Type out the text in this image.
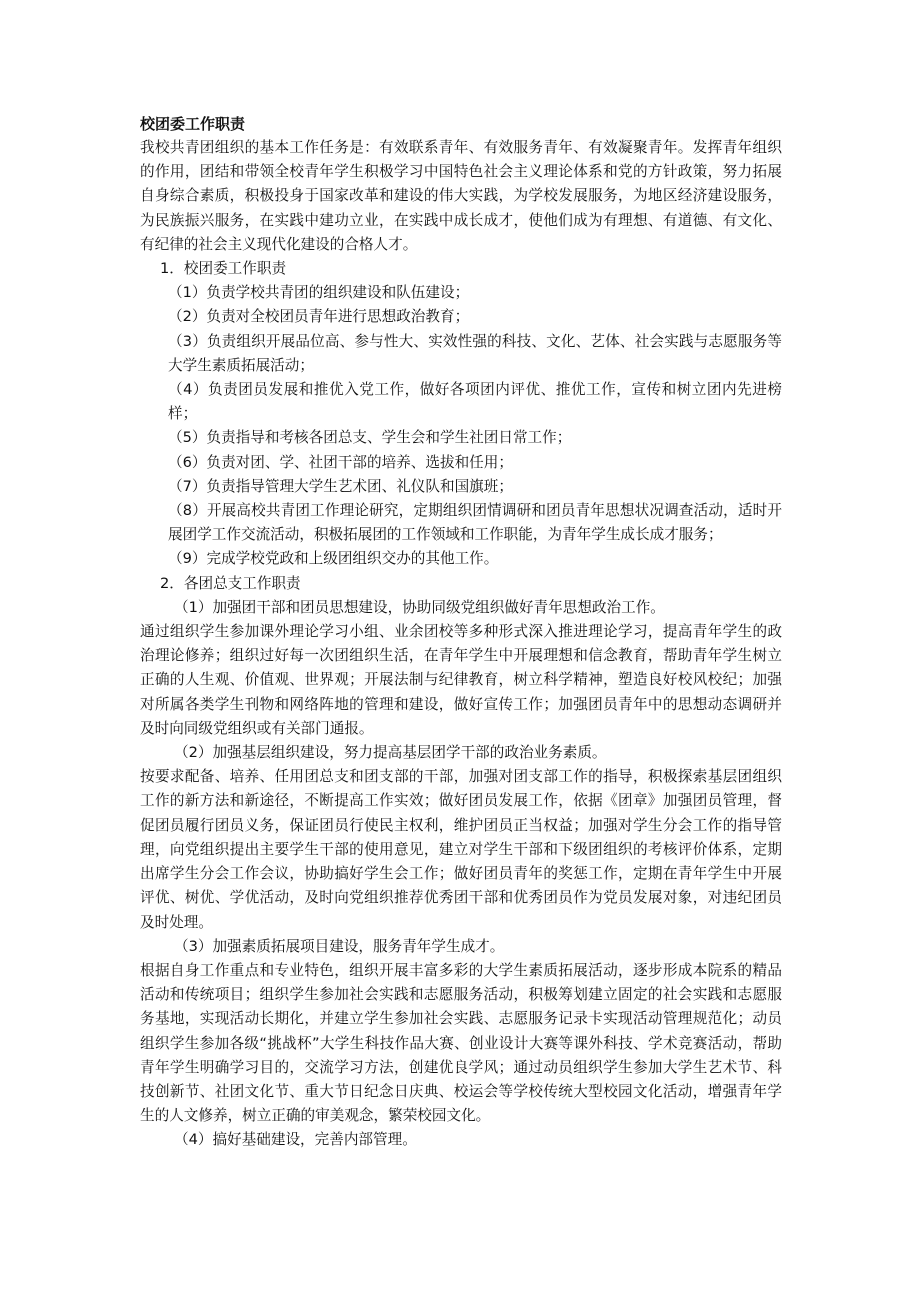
校团委工作职责

我校共青团组织的基本工作任务是：有效联系青年、有效服务青年、有效凝聚青年。发挥青年组织的作用，团结和带领全校青年学生积极学习中国特色社会主义理论体系和党的方针政策，努力拓展自身综合素质，积极投身于国家改革和建设的伟大实践，为学校发展服务，为地区经济建设服务，为民族振兴服务，在实践中建功立业，在实践中成长成才，使他们成为有理想、有道德、有文化、有纪律的社会主义现代化建设的合格人才。

1．校团委工作职责

（1）负责学校共青团的组织建设和队伍建设；

（2）负责对全校团员青年进行思想政治教育；

（3）负责组织开展品位高、参与性大、实效性强的科技、文化、艺体、社会实践与志愿服务等大学生素质拓展活动；

（4）负责团员发展和推优入党工作，做好各项团内评优、推优工作，宣传和树立团内先进榜样；

（5）负责指导和考核各团总支、学生会和学生社团日常工作；

（6）负责对团、学、社团干部的培养、选拔和任用；

（7）负责指导管理大学生艺术团、礼仪队和国旗班；

（8）开展高校共青团工作理论研究，定期组织团情调研和团员青年思想状况调查活动，适时开展团学工作交流活动，积极拓展团的工作领域和工作职能，为青年学生成长成才服务；

（9）完成学校党政和上级团组织交办的其他工作。

2．各团总支工作职责

（1）加强团干部和团员思想建设，协助同级党组织做好青年思想政治工作。

通过组织学生参加课外理论学习小组、业余团校等多种形式深入推进理论学习，提高青年学生的政治理论修养；组织过好每一次团组织生活，在青年学生中开展理想和信念教育，帮助青年学生树立正确的人生观、价值观、世界观；开展法制与纪律教育，树立科学精神，塑造良好校风校纪；加强对所属各类学生刊物和网络阵地的管理和建设，做好宣传工作；加强团员青年中的思想动态调研并及时向同级党组织或有关部门通报。

（2）加强基层组织建设，努力提高基层团学干部的政治业务素质。

按要求配备、培养、任用团总支和团支部的干部，加强对团支部工作的指导，积极探索基层团组织工作的新方法和新途径，不断提高工作实效；做好团员发展工作，依据《团章》加强团员管理，督促团员履行团员义务，保证团员行使民主权利，维护团员正当权益；加强对学生分会工作的指导管理，向党组织提出主要学生干部的使用意见，建立对学生干部和下级团组织的考核评价体系，定期出席学生分会工作会议，协助搞好学生会工作；做好团员青年的奖惩工作，定期在青年学生中开展评优、树优、学优活动，及时向党组织推荐优秀团干部和优秀团员作为党员发展对象，对违纪团员及时处理。

（3）加强素质拓展项目建设，服务青年学生成才。

根据自身工作重点和专业特色，组织开展丰富多彩的大学生素质拓展活动，逐步形成本院系的精品活动和传统项目；组织学生参加社会实践和志愿服务活动，积极筹划建立固定的社会实践和志愿服务基地，实现活动长期化，并建立学生参加社会实践、志愿服务记录卡实现活动管理规范化；动员组织学生参加各级“挑战杯”大学生科技作品大赛、创业设计大赛等课外科技、学术竞赛活动，帮助青年学生明确学习目的，交流学习方法，创建优良学风；通过动员组织学生参加大学生艺术节、科技创新节、社团文化节、重大节日纪念日庆典、校运会等学校传统大型校园文化活动，增强青年学生的人文修养，树立正确的审美观念，繁荣校园文化。

（4）搞好基础建设，完善内部管理。
